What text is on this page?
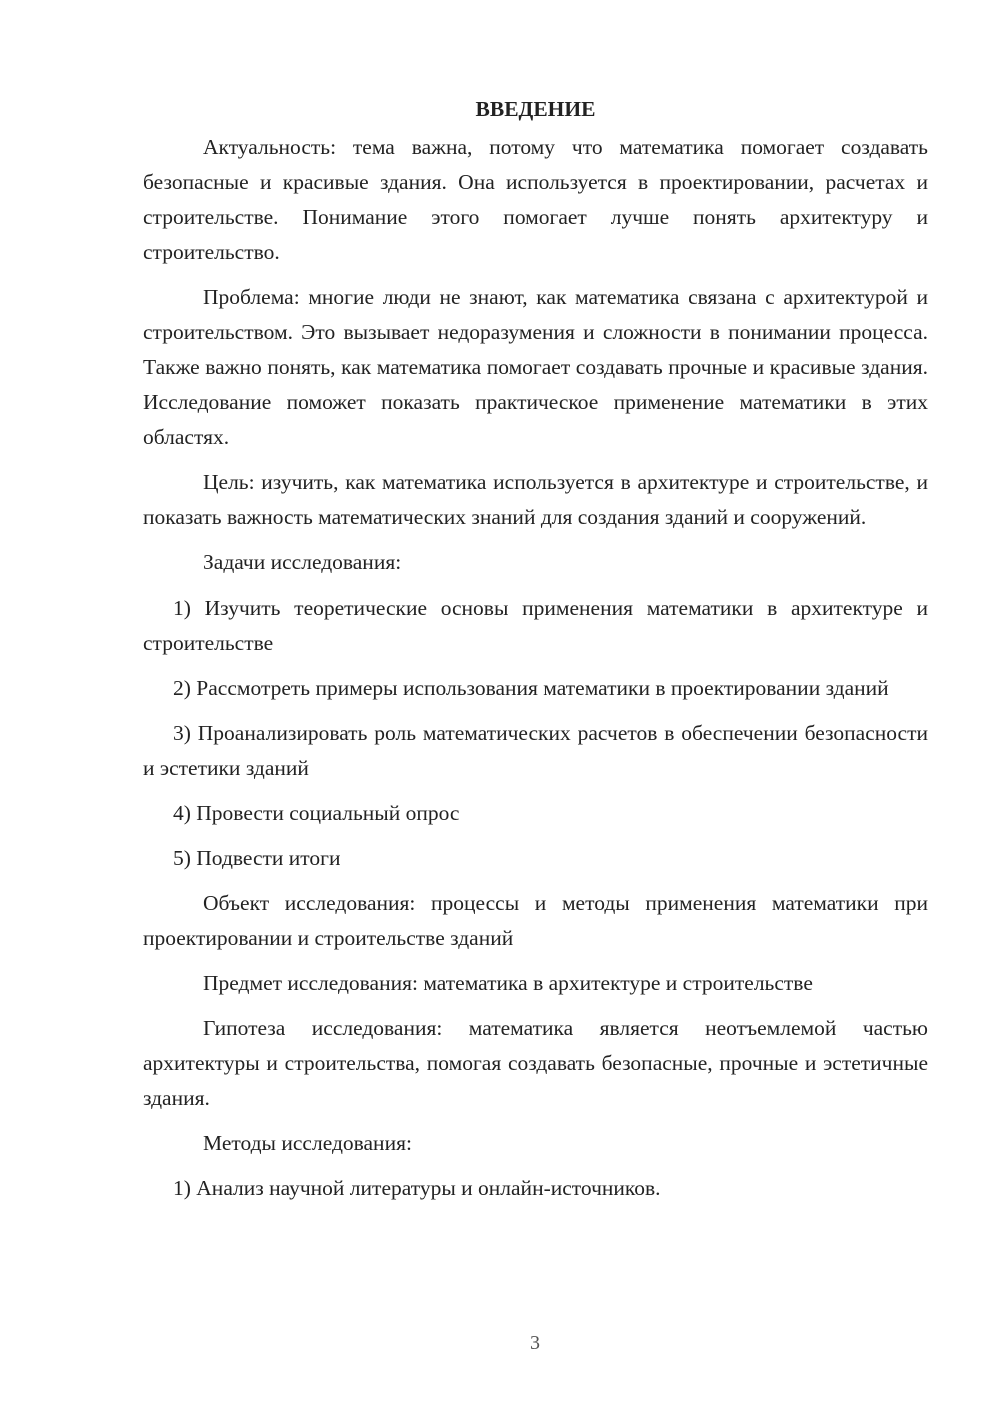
ВВЕДЕНИЕ

Актуальность: тема важна, потому что математика помогает создавать безопасные и красивые здания. Она используется в проектировании, расчетах и строительстве. Понимание этого помогает лучше понять архитектуру и строительство.

Проблема: многие люди не знают, как математика связана с архитектурой и строительством. Это вызывает недоразумения и сложности в понимании процесса. Также важно понять, как математика помогает создавать прочные и красивые здания. Исследование поможет показать практическое применение математики в этих областях.

Цель: изучить, как математика используется в архитектуре и строительстве, и показать важность математических знаний для создания зданий и сооружений.

Задачи исследования:

1) Изучить теоретические основы применения математики в архитектуре и строительстве

2) Рассмотреть примеры использования математики в проектировании зданий

3) Проанализировать роль математических расчетов в обеспечении безопасности и эстетики зданий

4) Провести социальный опрос

5) Подвести итоги

Объект исследования: процессы и методы применения математики при проектировании и строительстве зданий

Предмет исследования: математика в архитектуре и строительстве

Гипотеза исследования: математика является неотъемлемой частью архитектуры и строительства, помогая создавать безопасные, прочные и эстетичные здания.

Методы исследования:

1) Анализ научной литературы и онлайн-источников.

3
